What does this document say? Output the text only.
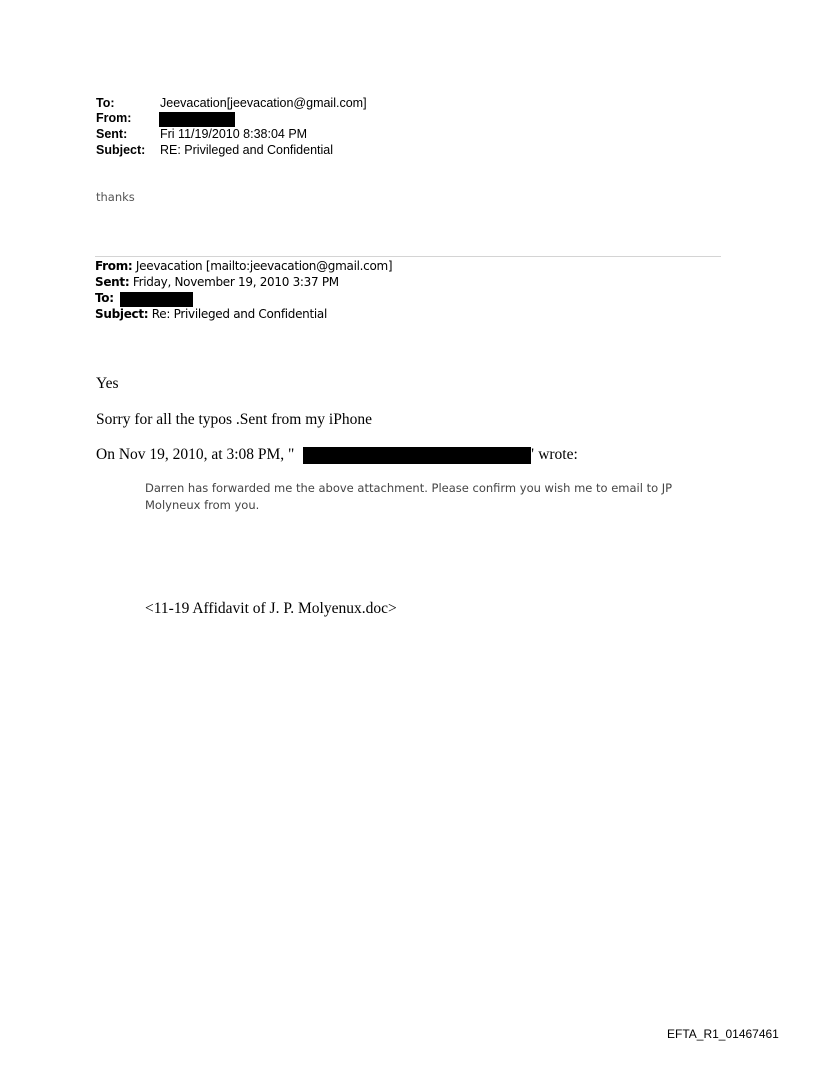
To:	Jeevacation[jeevacation@gmail.com]
From:
Sent:	Fri 11/19/2010 8:38:04 PM
Subject: RE: Privileged and Confidential
thanks
From: Jeevacation [mailto:jeevacation@gmail.com]
Sent: Friday, November 19, 2010 3:37 PM
To:
Subject: Re: Privileged and Confidential
Yes
Sorry for all the typos .Sent from my iPhone
On Nov 19, 2010, at 3:08 PM, "	" wrote:
Darren has forwarded me the above attachment. Please confirm you wish me to email to JP Molyneux from you.
<11-19 Affidavit of J. P. Molyenux.doc>
EFTA_R1_01467461
